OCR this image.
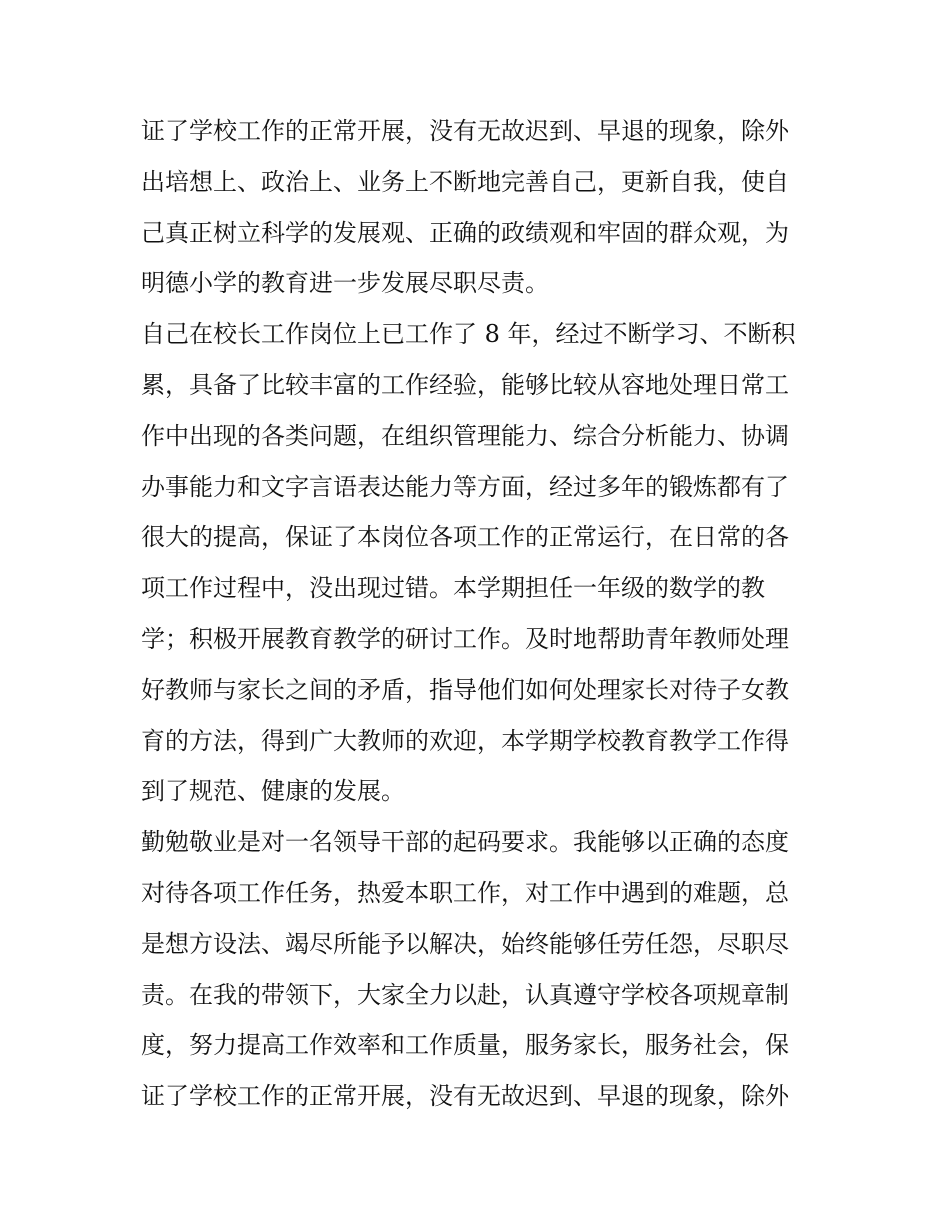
证了学校工作的正常开展，没有无故迟到、早退的现象，除外
出培想上、政治上、业务上不断地完善自己，更新自我，使自
己真正树立科学的发展观、正确的政绩观和牢固的群众观，为
明德小学的教育进一步发展尽职尽责。
自己在校长工作岗位上已工作了 8 年，经过不断学习、不断积
累，具备了比较丰富的工作经验，能够比较从容地处理日常工
作中出现的各类问题，在组织管理能力、综合分析能力、协调
办事能力和文字言语表达能力等方面，经过多年的锻炼都有了
很大的提高，保证了本岗位各项工作的正常运行，在日常的各
项工作过程中，没出现过错。本学期担任一年级的数学的教
学；积极开展教育教学的研讨工作。及时地帮助青年教师处理
好教师与家长之间的矛盾，指导他们如何处理家长对待子女教
育的方法，得到广大教师的欢迎，本学期学校教育教学工作得
到了规范、健康的发展。
勤勉敬业是对一名领导干部的起码要求。我能够以正确的态度
对待各项工作任务，热爱本职工作，对工作中遇到的难题，总
是想方设法、竭尽所能予以解决，始终能够任劳任怨，尽职尽
责。在我的带领下，大家全力以赴，认真遵守学校各项规章制
度，努力提高工作效率和工作质量，服务家长，服务社会，保
证了学校工作的正常开展，没有无故迟到、早退的现象，除外
